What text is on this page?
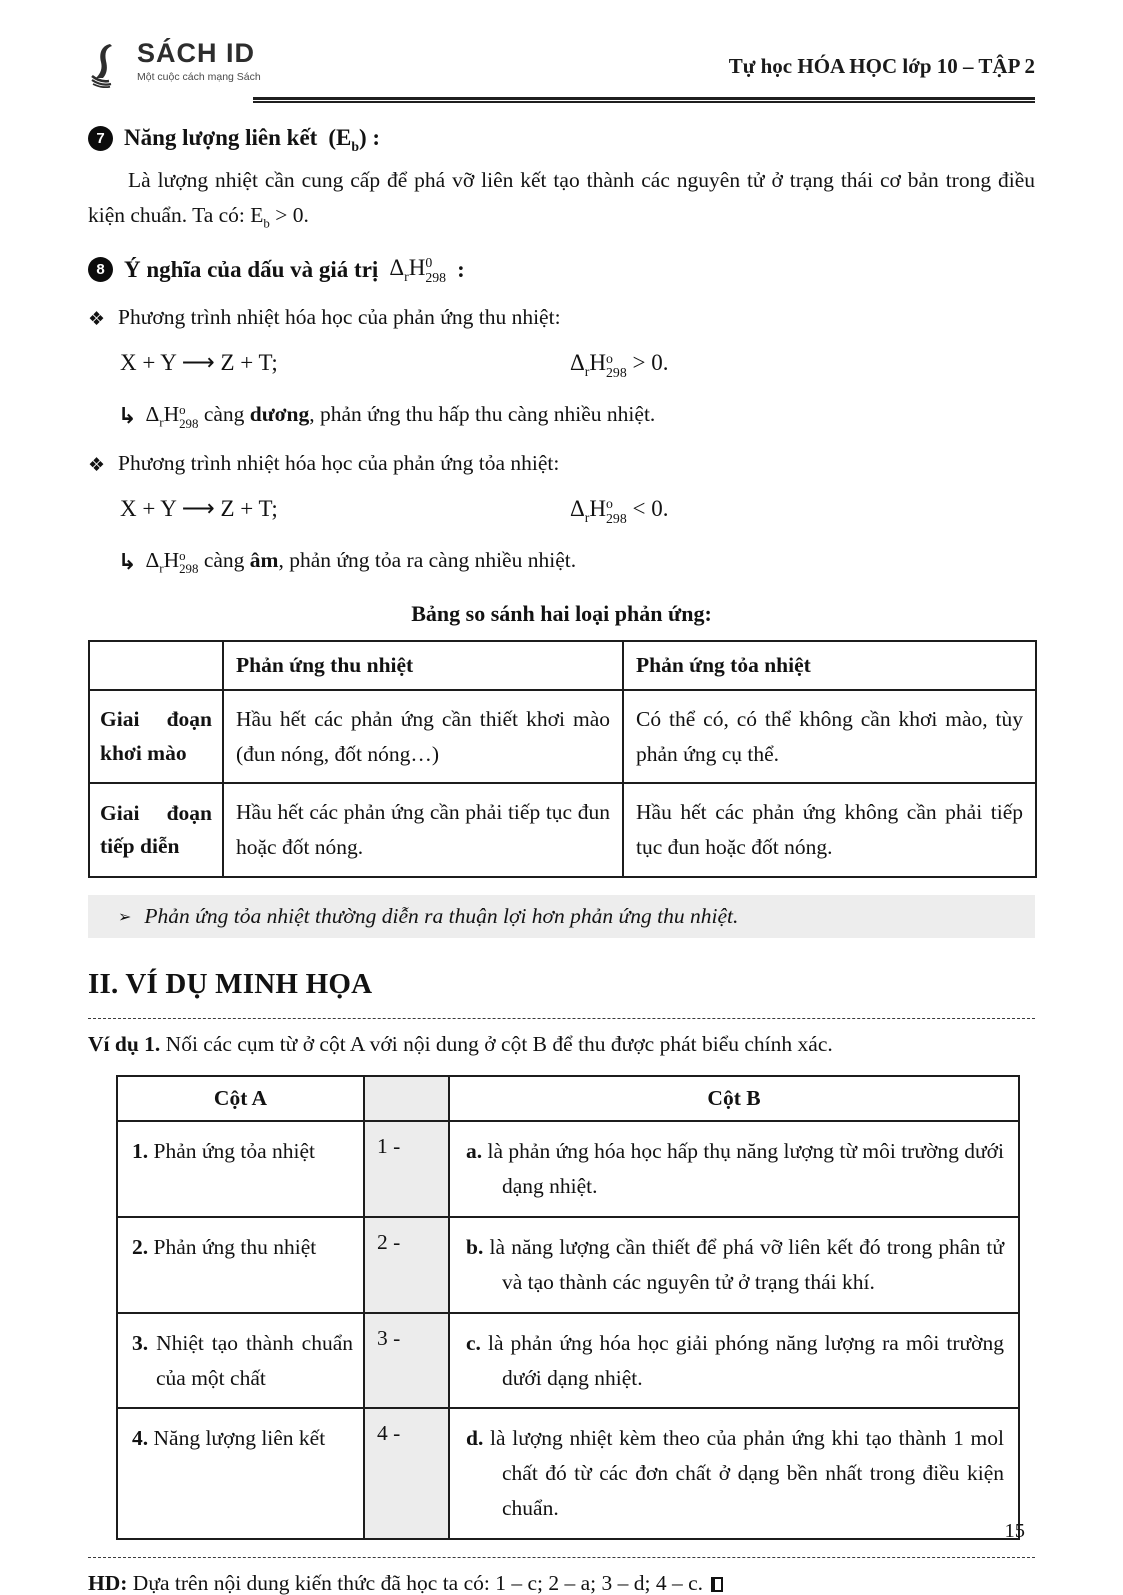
SÁCH ID
Một cuộc cách mạng Sách	Tự học HÓA HỌC lớp 10 – TẬP 2
7 Năng lượng liên kết $(E_b)$ :

Là lượng nhiệt cần cung cấp để phá vỡ liên kết tạo thành các nguyên tử ở trạng thái cơ bản trong điều kiện chuẩn. Ta có: $E_b > 0$.

8 Ý nghĩa của dấu và giá trị $\Delta_rH$ 0
298 :
❖ Phương trình nhiệt hóa học của phản ứng thu nhiệt:
X + Y ⟶ Z + T;	$\Delta_rH$ o
298 > 0.
↳ $\Delta_rH$ o
298 càng dương, phản ứng thu hấp thu càng nhiều nhiệt.
❖ Phương trình nhiệt hóa học của phản ứng tỏa nhiệt:
X + Y ⟶ Z + T;	$\Delta_rH$ o
298 < 0.
↳ $\Delta_rH$ o
298 càng âm, phản ứng tỏa ra càng nhiều nhiệt.
Bảng so sánh hai loại phản ứng:
	Phản ứng thu nhiệt	Phản ứng tỏa nhiệt
Giai đoạn khơi mào	Hầu hết các phản ứng cần thiết khơi mào (đun nóng, đốt nóng…)	Có thể có, có thể không cần khơi mào, tùy phản ứng cụ thể.
Giai đoạn tiếp diễn	Hầu hết các phản ứng cần phải tiếp tục đun hoặc đốt nóng.	Hầu hết các phản ứng không cần phải tiếp tục đun hoặc đốt nóng.
➢ Phản ứng tỏa nhiệt thường diễn ra thuận lợi hơn phản ứng thu nhiệt.
II. VÍ DỤ MINH HỌA
Ví dụ 1. Nối các cụm từ ở cột A với nội dung ở cột B để thu được phát biểu chính xác.
Cột A		Cột B
1. Phản ứng tỏa nhiệt	1 -	a. là phản ứng hóa học hấp thụ năng lượng từ môi trường dưới dạng nhiệt.
2. Phản ứng thu nhiệt	2 -	b. là năng lượng cần thiết để phá vỡ liên kết đó trong phân tử và tạo thành các nguyên tử ở trạng thái khí.
3. Nhiệt tạo thành chuẩn của một chất	3 -	c. là phản ứng hóa học giải phóng năng lượng ra môi trường dưới dạng nhiệt.
4. Năng lượng liên kết	4 -	d. là lượng nhiệt kèm theo của phản ứng khi tạo thành 1 mol chất đó từ các đơn chất ở dạng bền nhất trong điều kiện chuẩn.
HD: Dựa trên nội dung kiến thức đã học ta có: 1 – c; 2 – a; 3 – d; 4 – c.
15
